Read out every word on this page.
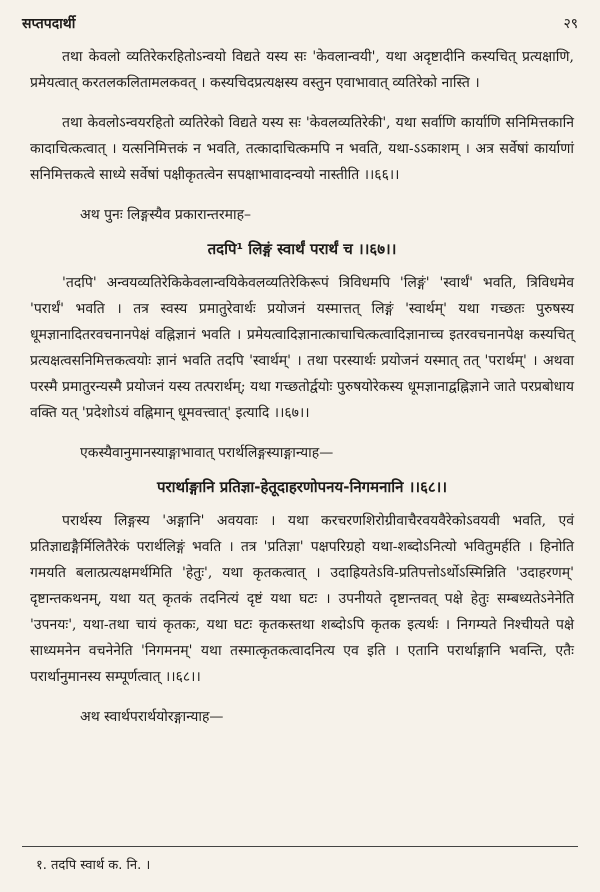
सप्तपदार्थी	२९

तथा केवलो व्यतिरेकरहितोऽन्वयो विद्यते यस्य सः 'केवलान्वयी', यथा अदृष्टादीनि कस्यचित् प्रत्यक्षाणि, प्रमेयत्वात् करतलकलितामलकवत् । कस्यचिदप्रत्यक्षस्य वस्तुन एवाभावात् व्यतिरेको नास्ति ।

तथा केवलोऽन्वयरहितो व्यतिरेको विद्यते यस्य सः 'केवलव्यतिरेकी', यथा सर्वाणि कार्याणि सनिमित्तकानि कादाचित्कत्वात् । यत्सनिमित्तकं न भवति, तत्कादाचित्कमपि न भवति, यथा-ऽऽकाशम् । अत्र सर्वेषां कार्याणां सनिमित्तकत्वे साध्ये सर्वेषां पक्षीकृतत्वेन सपक्षाभावादन्वयो नास्तीति ।।६६।।

अथ पुनः लिङ्गस्यैव प्रकारान्तरमाह–

तदपि¹ लिङ्गं स्वार्थं परार्थं च ।।६७।।

'तदपि' अन्वयव्यतिरेकिकेवलान्वयिकेवलव्यतिरेकिरूपं त्रिविधमपि 'लिङ्गं' 'स्वार्थं' भवति, त्रिविधमेव 'परार्थं' भवति । तत्र स्वस्य प्रमातुरेवार्थः प्रयोजनं यस्मात्तत् लिङ्गं 'स्वार्थम्' यथा गच्छतः पुरुषस्य धूमज्ञानादितरवचनानपेक्षं वह्निज्ञानं भवति । प्रमेयत्वादिज्ञानात्काचाचित्कत्वादिज्ञानाच्च इतरवचनानपेक्ष कस्यचित् प्रत्यक्षत्वसनिमित्तकत्वयोः ज्ञानं भवति तदपि 'स्वार्थम्' । तथा परस्यार्थः प्रयोजनं यस्मात् तत् 'परार्थम्' । अथवा परस्मै प्रमातुरन्यस्मै प्रयोजनं यस्य तत्परार्थम्; यथा गच्छतोर्द्वयोः पुरुषयोरेकस्य धूमज्ञानाद्वह्निज्ञाने जाते परप्रबोधाय वक्ति यत् 'प्रदेशोऽयं वह्निमान् धूमवत्त्वात्' इत्यादि ।।६७।।

एकस्यैवानुमानस्याङ्गाभावात् परार्थलिङ्गस्याङ्गान्याह—

परार्थाङ्गानि प्रतिज्ञा-हेतूदाहरणोपनय-निगमनानि ।।६८।।

परार्थस्य लिङ्गस्य 'अङ्गानि' अवयवाः । यथा करचरणशिरोग्रीवाचैरवयवैरेकोऽवयवी भवति, एवं प्रतिज्ञाद्यङ्गैर्मिलितैरेकं परार्थलिङ्गं भवति । तत्र 'प्रतिज्ञा' पक्षपरिग्रहो यथा-शब्दोऽनित्यो भवितुमर्हति । हिनोति गमयति बलात्प्रत्यक्षमर्थमिति 'हेतुः', यथा कृतकत्वात् । उदाह्रियतेऽवि-प्रतिपत्तोऽर्थोऽस्मिन्निति 'उदाहरणम्' दृष्टान्तकथनम्, यथा यत् कृतकं तदनित्यं दृष्टं यथा घटः । उपनीयते दृष्टान्तवत् पक्षे हेतुः सम्बध्यतेऽनेनेति 'उपनयः', यथा-तथा चायं कृतकः, यथा घटः कृतकस्तथा शब्दोऽपि कृतक इत्यर्थः । निगम्यते निश्चीयते पक्षे साध्यमनेन वचनेनेति 'निगमनम्' यथा तस्मात्कृतकत्वादनित्य एव इति । एतानि परार्थाङ्गानि भवन्ति, एतैः परार्थानुमानस्य सम्पूर्णत्वात् ।।६८।।

अथ स्वार्थपरार्थयोरङ्गान्याह—

१. तदपि स्वार्थ क. नि. ।
